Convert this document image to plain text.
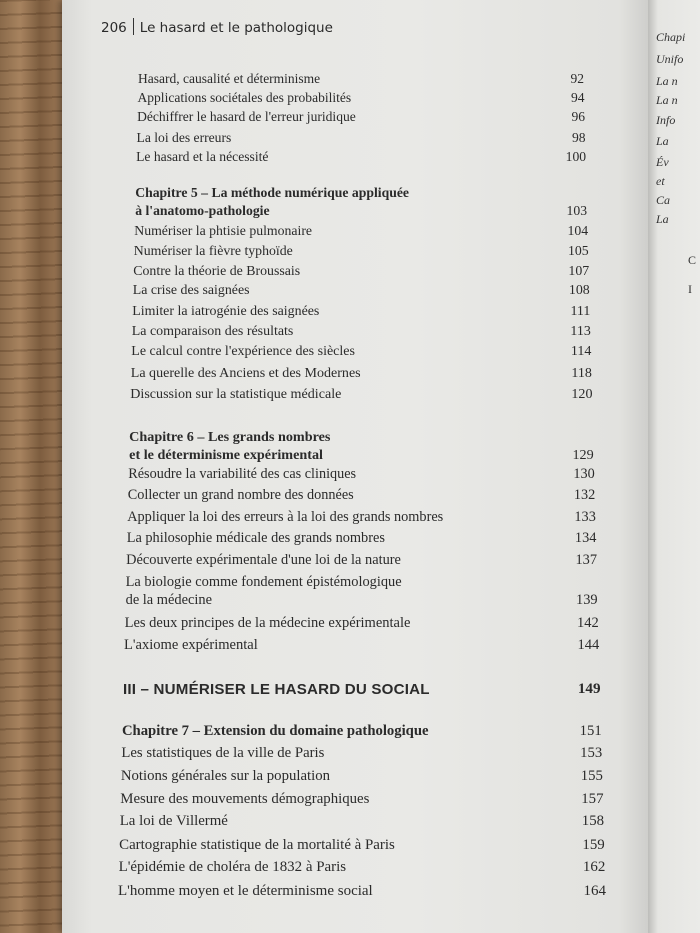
Chapi
Unifo
La n
La n
Info
La
Év
et
Ca
La
C
I
206 Le hasard et le pathologique
Hasard, causalité et déterminisme	92
Applications sociétales des probabilités	94
Déchiffrer le hasard de l'erreur juridique	96
La loi des erreurs	98
Le hasard et la nécessité	100
Chapitre 5 – La méthode numérique appliquée
à l'anatomo-pathologie	103
Numériser la phtisie pulmonaire	104
Numériser la fièvre typhoïde	105
Contre la théorie de Broussais	107
La crise des saignées	108
Limiter la iatrogénie des saignées	111
La comparaison des résultats	113
Le calcul contre l'expérience des siècles	114
La querelle des Anciens et des Modernes	118
Discussion sur la statistique médicale	120
Chapitre 6 – Les grands nombres
et le déterminisme expérimental	129
Résoudre la variabilité des cas cliniques	130
Collecter un grand nombre des données	132
Appliquer la loi des erreurs à la loi des grands nombres	133
La philosophie médicale des grands nombres	134
Découverte expérimentale d'une loi de la nature	137
La biologie comme fondement épistémologique
de la médecine	139
Les deux principes de la médecine expérimentale	142
L'axiome expérimental	144
III – NUMÉRISER LE HASARD DU SOCIAL	149
Chapitre 7 – Extension du domaine pathologique	151
Les statistiques de la ville de Paris	153
Notions générales sur la population	155
Mesure des mouvements démographiques	157
La loi de Villermé	158
Cartographie statistique de la mortalité à Paris	159
L'épidémie de choléra de 1832 à Paris	162
L'homme moyen et le déterminisme social	164
